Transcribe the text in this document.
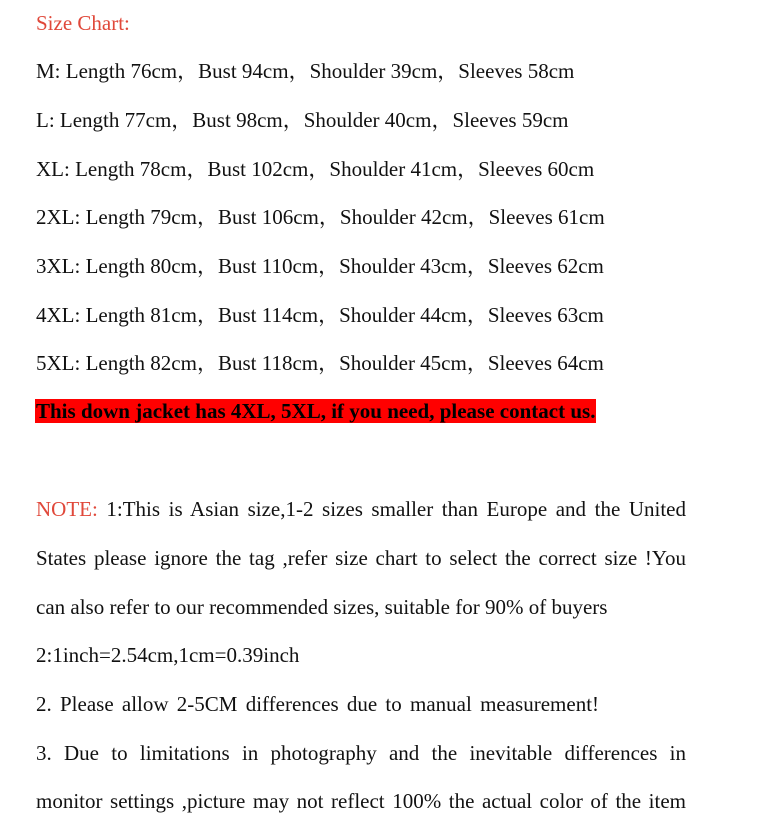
Size Chart:
M: Length 76cm，Bust 94cm，Shoulder 39cm，Sleeves 58cm
L: Length 77cm，Bust 98cm，Shoulder 40cm，Sleeves 59cm
XL: Length 78cm，Bust 102cm，Shoulder 41cm，Sleeves 60cm
2XL: Length 79cm，Bust 106cm，Shoulder 42cm，Sleeves 61cm
3XL: Length 80cm，Bust 110cm，Shoulder 43cm，Sleeves 62cm
4XL: Length 81cm，Bust 114cm，Shoulder 44cm，Sleeves 63cm
5XL: Length 82cm，Bust 118cm，Shoulder 45cm，Sleeves 64cm
This down jacket has 4XL, 5XL, if you need, please contact us.
NOTE: 1:This is Asian size,1-2 sizes smaller than Europe and the United
States please ignore the tag ,refer size chart to select the correct size !You
can also refer to our recommended sizes, suitable for 90% of buyers
2:1inch=2.54cm,1cm=0.39inch
2. Please allow 2-5CM differences due to manual measurement!
3. Due to limitations in photography and the inevitable differences in
monitor settings ,picture may not reflect 100% the actual color of the item
